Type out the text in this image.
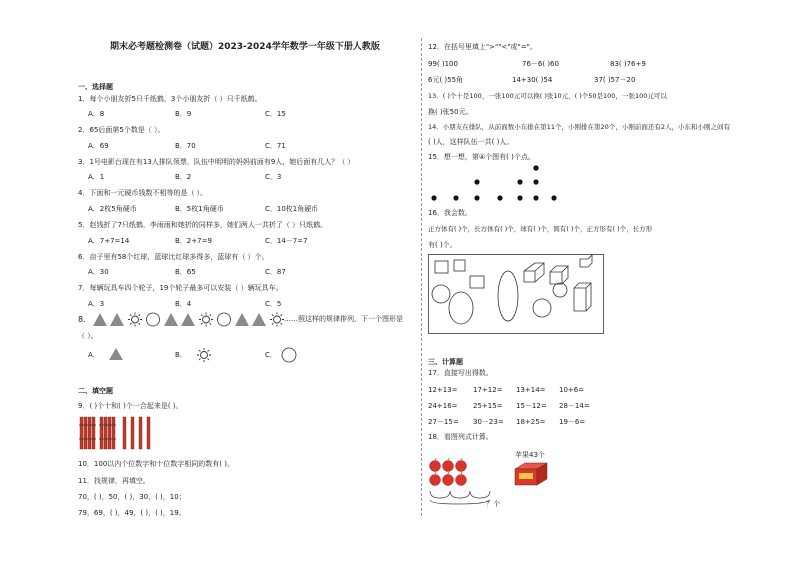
期末必考题检测卷（试题）2023-2024学年数学一年级下册人教版
一、选择题
1．每个小朋友折5只千纸鹤，3个小朋友折（ ）只千纸鹤。
A．8	B．9	C．15
2．65后面第5个数是（ ）。
A．69	B．70	C．71
3．1号电影台现在有13人排队领票，队伍中明明的妈妈前面有9人，她后面有几人？（ ）
A．1	B．2	C．3
4．下面和一元硬币钱数不相等的是（ ）。
A．2枚5角硬币	B．5枚1角硬币	C．10枚1角硬币
5．赵钱折了7只纸鹤，李雨雨和她折的同样多，她们两人一共折了（ ）只纸鹤。
A．7+7=14	B．2+7=9	C．14－7=7
6．亩子里有58个红球，蓝球比红球多得多，蓝球有（ ）个。
A．30	B．65	C．87
7．每辆玩具车四个轮子，19个轮子最多可以安装（ ）辆玩具车。
A．3	B．4	C．5
8．	……照这样的规律排列，下一个图形是
（ ）。
A．	B．	C．
二、填空题
9．( )个十和( )个一合起来是( )。
10．100以内个位数字和十位数字相同的数有( )。
11．找规律，再填空。
70，( )，50，( )，30，( )，10；
79，69，( )，49，( )，( )，19。
12．在括号里填上">""<"或"="。
99( )100	76－6( )60	83( )76+9
6元( )55角	14+30( )54	37( )57－20
13．( )个十是100，一张100元可以换( )张10元，( )个50是100，一张100元可以
换( )张50元。
14．小朋友在排队，从前面数小东排在第11个，小刚排在第20个，小刚前面还有2人，小东和小刚之间有
( )人，这样队伍一共( )人。
15．想一想，第④个图有( )个点。
16．我会数。
正方体有( )个，长方体有( )个，球有( )个，圆有( )个，正方形有( )个，长方形
有( )个。
三、计算题
17．直接写出得数。
12+13= 17+12= 13+14= 10+6=
24+16= 25+15= 15－12= 28－14=
27－15= 30－23= 18+25= 19－6=
18．看图列式计算。
苹果43个
？个
